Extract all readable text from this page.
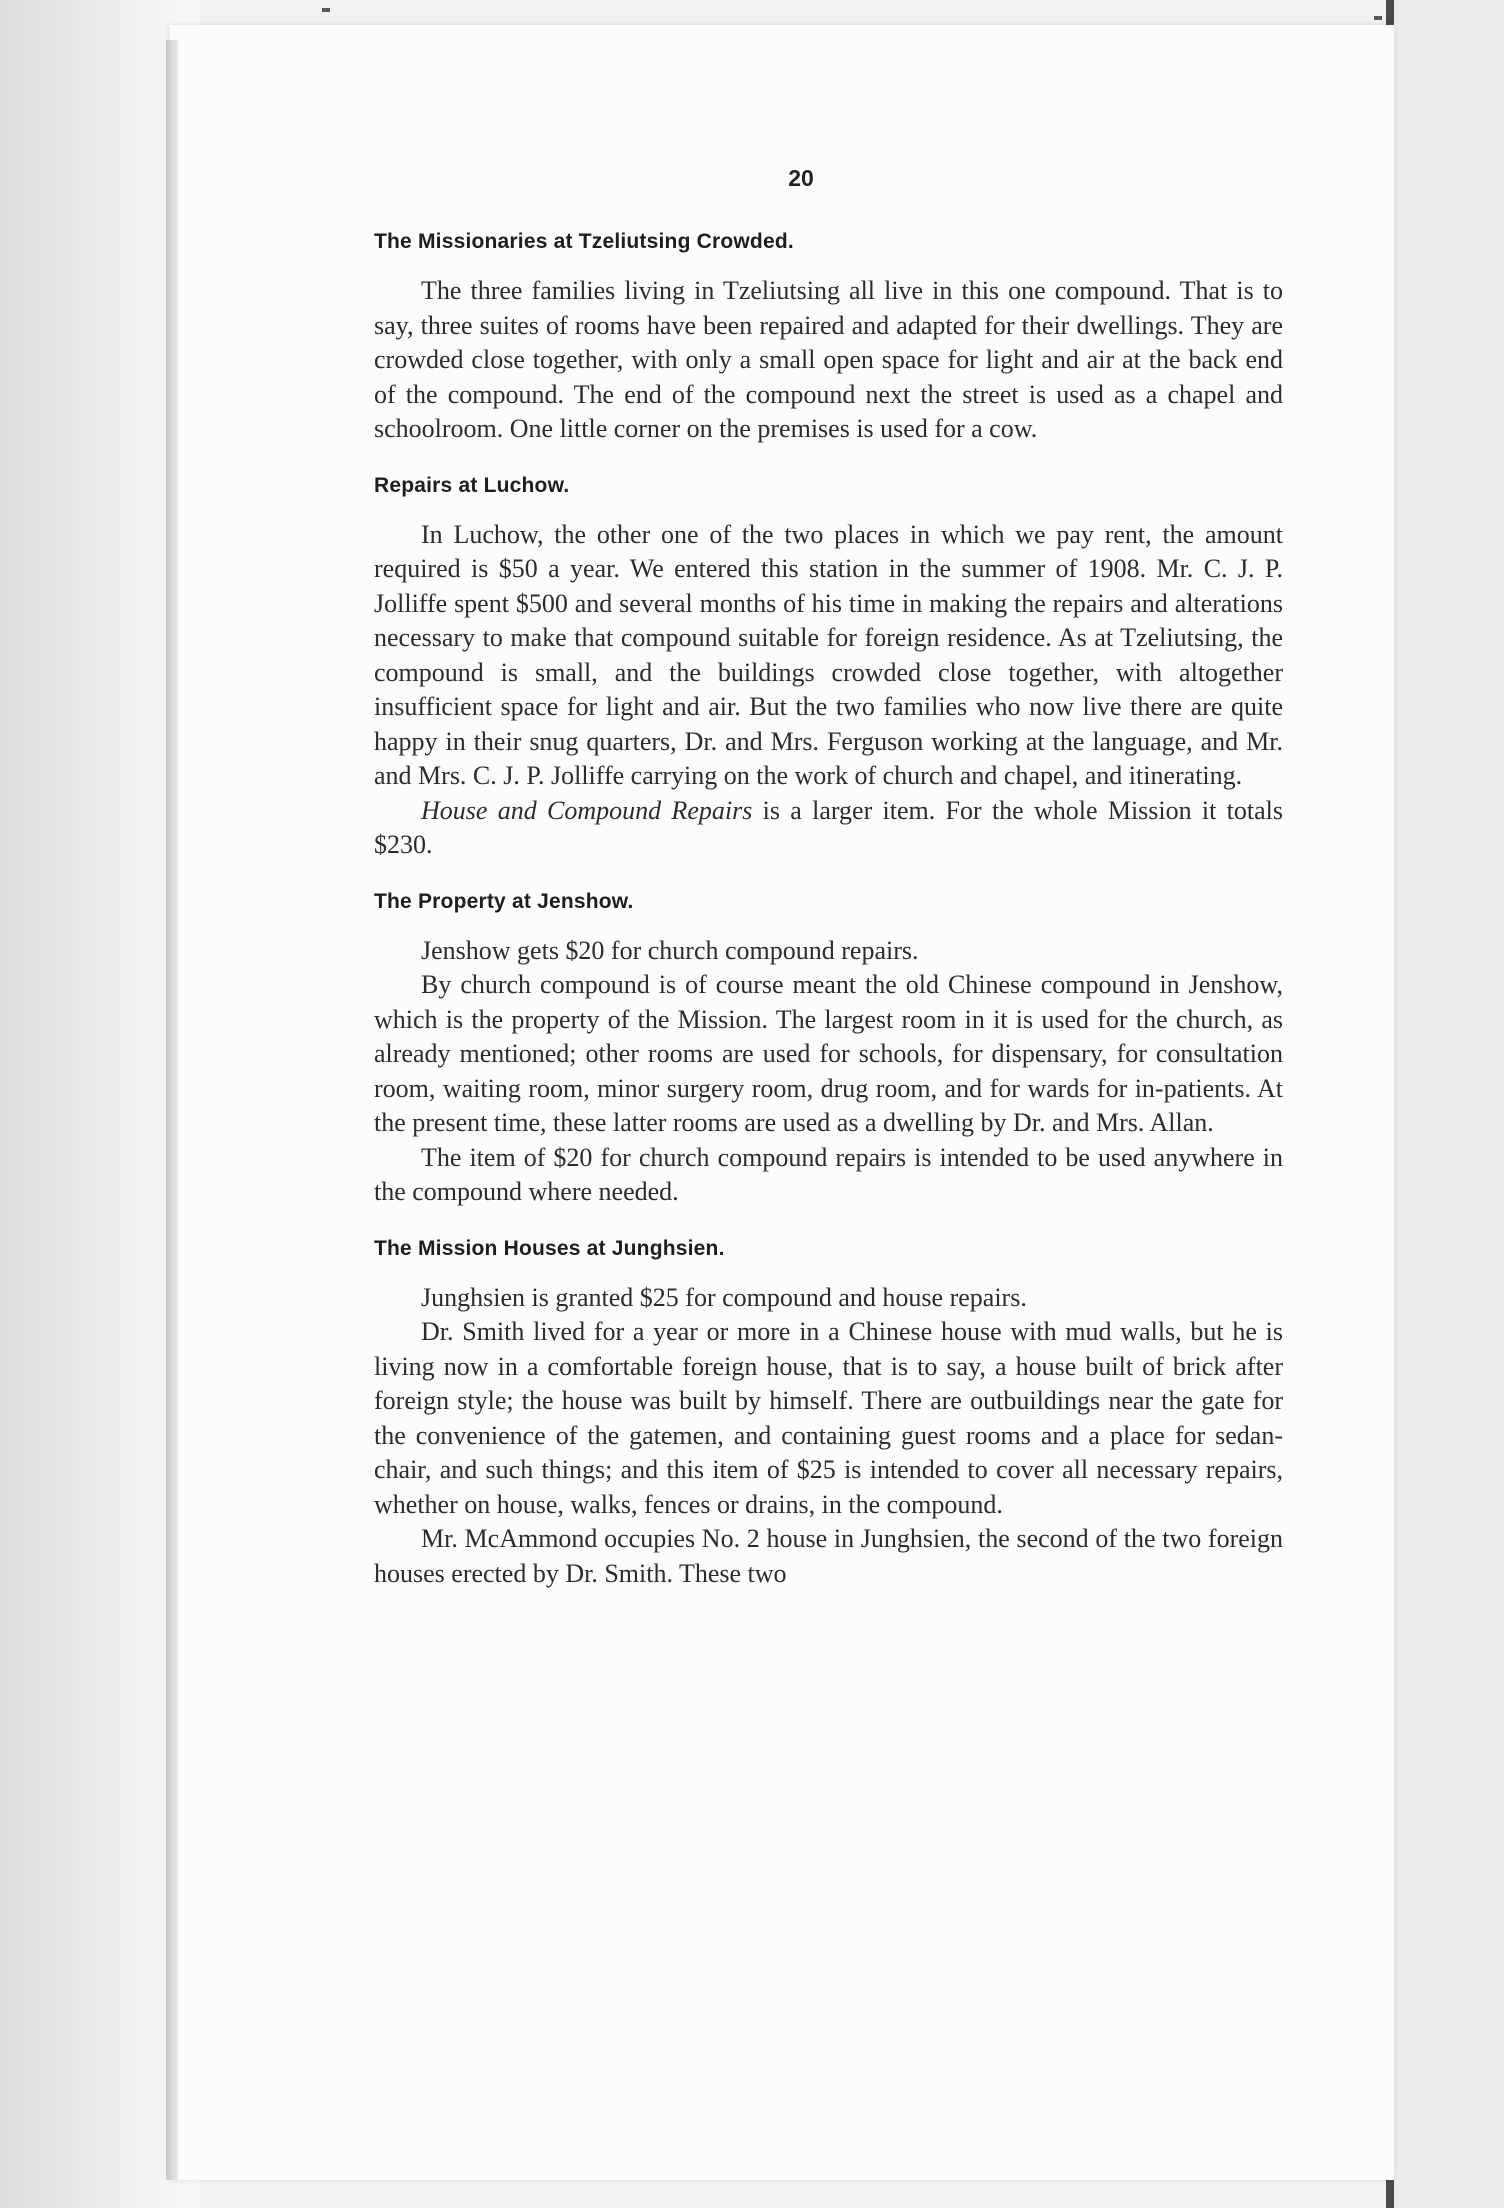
20
The Missionaries at Tzeliutsing Crowded.

The three families living in Tzeliutsing all live in this one compound. That is to say, three suites of rooms have been repaired and adapted for their dwellings. They are crowded close together, with only a small open space for light and air at the back end of the compound. The end of the compound next the street is used as a chapel and schoolroom. One little corner on the premises is used for a cow.

Repairs at Luchow.

In Luchow, the other one of the two places in which we pay rent, the amount required is $50 a year. We entered this station in the summer of 1908. Mr. C. J. P. Jolliffe spent $500 and several months of his time in making the repairs and alterations necessary to make that compound suitable for foreign residence. As at Tzeliutsing, the compound is small, and the buildings crowded close together, with altogether insufficient space for light and air. But the two families who now live there are quite happy in their snug quarters, Dr. and Mrs. Ferguson working at the language, and Mr. and Mrs. C. J. P. Jolliffe carrying on the work of church and chapel, and itinerating.

House and Compound Repairs is a larger item. For the whole Mission it totals $230.

The Property at Jenshow.

Jenshow gets $20 for church compound repairs.

By church compound is of course meant the old Chinese compound in Jenshow, which is the property of the Mission. The largest room in it is used for the church, as already mentioned; other rooms are used for schools, for dispensary, for consultation room, waiting room, minor surgery room, drug room, and for wards for in-patients. At the present time, these latter rooms are used as a dwelling by Dr. and Mrs. Allan.

The item of $20 for church compound repairs is intended to be used anywhere in the compound where needed.

The Mission Houses at Junghsien.

Junghsien is granted $25 for compound and house repairs.

Dr. Smith lived for a year or more in a Chinese house with mud walls, but he is living now in a comfortable foreign house, that is to say, a house built of brick after foreign style; the house was built by himself. There are outbuildings near the gate for the convenience of the gatemen, and containing guest rooms and a place for sedan-chair, and such things; and this item of $25 is intended to cover all necessary repairs, whether on house, walks, fences or drains, in the compound.

Mr. McAmmond occupies No. 2 house in Junghsien, the second of the two foreign houses erected by Dr. Smith. These two
